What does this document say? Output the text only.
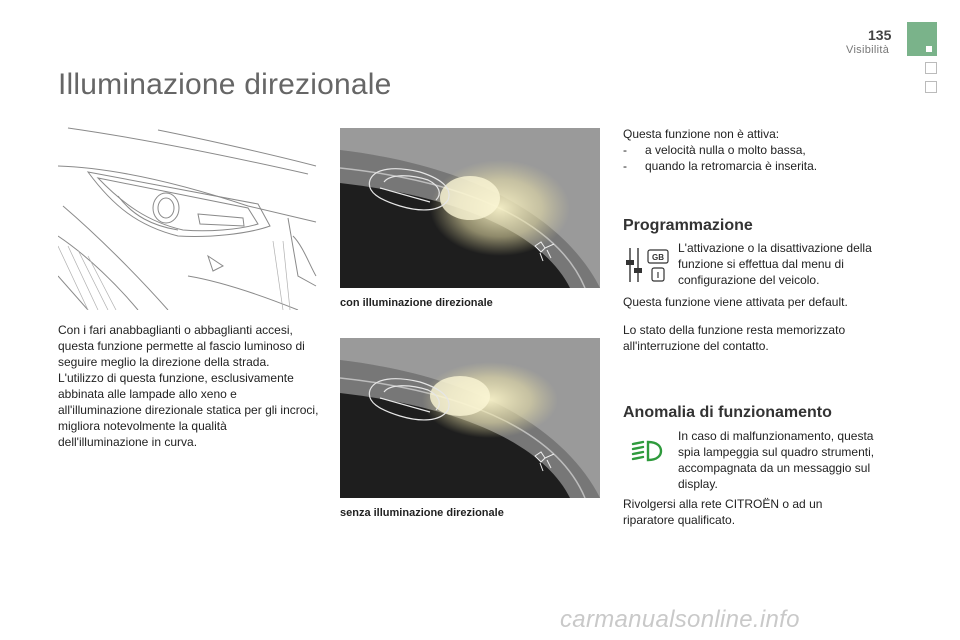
135
Visibilità
Illuminazione direzionale
Con i fari anabbaglianti o abbaglianti accesi, questa funzione permette al fascio luminoso di seguire meglio la direzione della strada.
L'utilizzo di questa funzione, esclusivamente abbinata alle lampade allo xeno e all'illuminazione direzionale statica per gli incroci, migliora notevolmente la qualità dell'illuminazione in curva.
con illuminazione direzionale
senza illuminazione direzionale
Questa funzione non è attiva:
-	a velocità nulla o molto bassa,
-	quando la retromarcia è inserita.
Programmazione
GB
I
L'attivazione o la disattivazione della funzione si effettua dal menu di configurazione del veicolo.
Questa funzione viene attivata per default.
Lo stato della funzione resta memorizzato all'interruzione del contatto.
Anomalia di funzionamento
In caso di malfunzionamento, questa spia lampeggia sul quadro strumenti, accompagnata da un messaggio sul display.
Rivolgersi alla rete CITROËN o ad un riparatore qualificato.
carmanualsonline.info
